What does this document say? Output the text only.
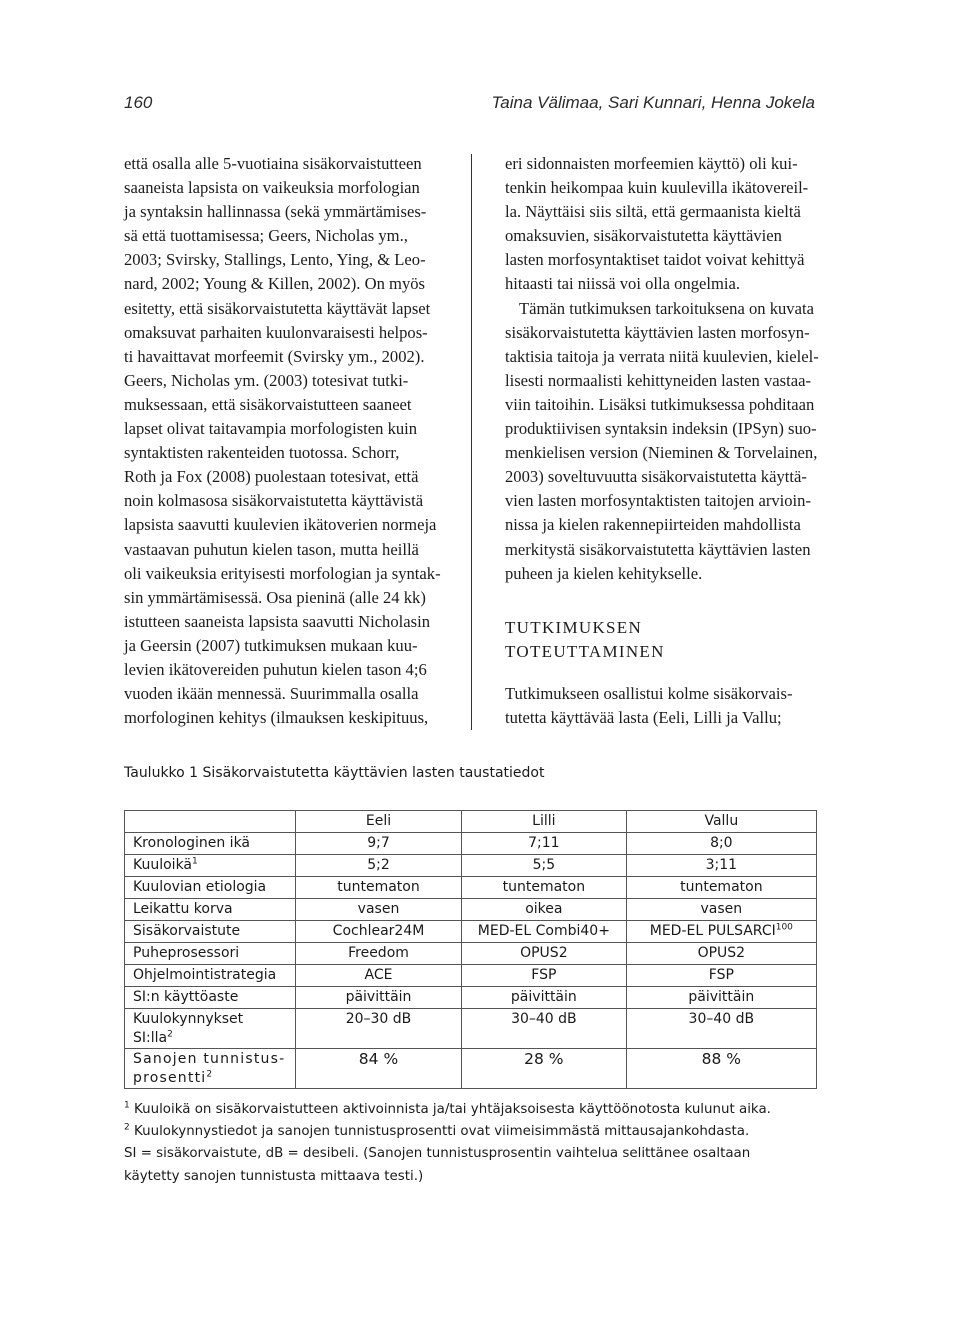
160	Taina Välimaa, Sari Kunnari, Henna Jokela

että osalla alle 5-vuotiaina sisäkorvaistutteen
saaneista lapsista on vaikeuksia morfologian
ja syntaksin hallinnassa (sekä ymmärtämises-
sä että tuottamisessa; Geers, Nicholas ym.,
2003; Svirsky, Stallings, Lento, Ying, & Leo-
nard, 2002; Young & Killen, 2002). On myös
esitetty, että sisäkorvaistutetta käyttävät lapset
omaksuvat parhaiten kuulonvaraisesti helpos-
ti havaittavat morfeemit (Svirsky ym., 2002).
Geers, Nicholas ym. (2003) totesivat tutki-
muksessaan, että sisäkorvaistutteen saaneet
lapset olivat taitavampia morfologisten kuin
syntaktisten rakenteiden tuotossa. Schorr,
Roth ja Fox (2008) puolestaan totesivat, että
noin kolmasosa sisäkorvaistutetta käyttävistä
lapsista saavutti kuulevien ikätoverien normeja
vastaavan puhutun kielen tason, mutta heillä
oli vaikeuksia erityisesti morfologian ja syntak-
sin ymmärtämisessä. Osa pieninä (alle 24 kk)
istutteen saaneista lapsista saavutti Nicholasin
ja Geersin (2007) tutkimuksen mukaan kuu-
levien ikätovereiden puhutun kielen tason 4;6
vuoden ikään mennessä. Suurimmalla osalla
morfologinen kehitys (ilmauksen keskipituus,

eri sidonnaisten morfeemien käyttö) oli kui-
tenkin heikompaa kuin kuulevilla ikätovereil-
la. Näyttäisi siis siltä, että germaanista kieltä
omaksuvien, sisäkorvaistutetta käyttävien
lasten morfosyntaktiset taidot voivat kehittyä
hitaasti tai niissä voi olla ongelmia.

Tämän tutkimuksen tarkoituksena on kuvata
sisäkorvaistutetta käyttävien lasten morfosyn-
taktisia taitoja ja verrata niitä kuulevien, kielel-
lisesti normaalisti kehittyneiden lasten vastaa-
viin taitoihin. Lisäksi tutkimuksessa pohditaan
produktiivisen syntaksin indeksin (IPSyn) suo-
menkielisen version (Nieminen & Torvelainen,
2003) soveltuvuutta sisäkorvaistutetta käyttä-
vien lasten morfosyntaktisten taitojen arvioin-
nissa ja kielen rakennepiirteiden mahdollista
merkitystä sisäkorvaistutetta käyttävien lasten
puheen ja kielen kehitykselle.

TUTKIMUKSEN
TOTEUTTAMINEN

Tutkimukseen osallistui kolme sisäkorvais-
tutetta käyttävää lasta (Eeli, Lilli ja Vallu;

Taulukko 1 Sisäkorvaistutetta käyttävien lasten taustatiedot
	Eeli	Lilli	Vallu
Kronologinen ikä	9;7	7;11	8;0
Kuuloikä$^1$	5;2	5;5	3;11
Kuulovian etiologia	tuntematon	tuntematon	tuntematon
Leikattu korva	vasen	oikea	vasen
Sisäkorvaistute	Cochlear24M	MED-EL Combi40+	MED-EL PULSARCI$^{100}$
Puheprosessori	Freedom	OPUS2	OPUS2
Ohjelmointistrategia	ACE	FSP	FSP
SI:n käyttöaste	päivittäin	päivittäin	päivittäin
Kuulokynnykset
SI:lla$^2$	20–30 dB	30–40 dB	30–40 dB
Sanojen tunnistus-
prosentti$^2$	84 %	28 %	88 %

$^1$ Kuuloikä on sisäkorvaistutteen aktivoinnista ja/tai yhtäjaksoisesta käyttöönotosta kulunut aika.

$^2$ Kuulokynnystiedot ja sanojen tunnistusprosentti ovat viimeisimmästä mittausajankohdasta.

SI = sisäkorvaistute, dB = desibeli. (Sanojen tunnistusprosentin vaihtelua selittänee osaltaan

käytetty sanojen tunnistusta mittaava testi.)
